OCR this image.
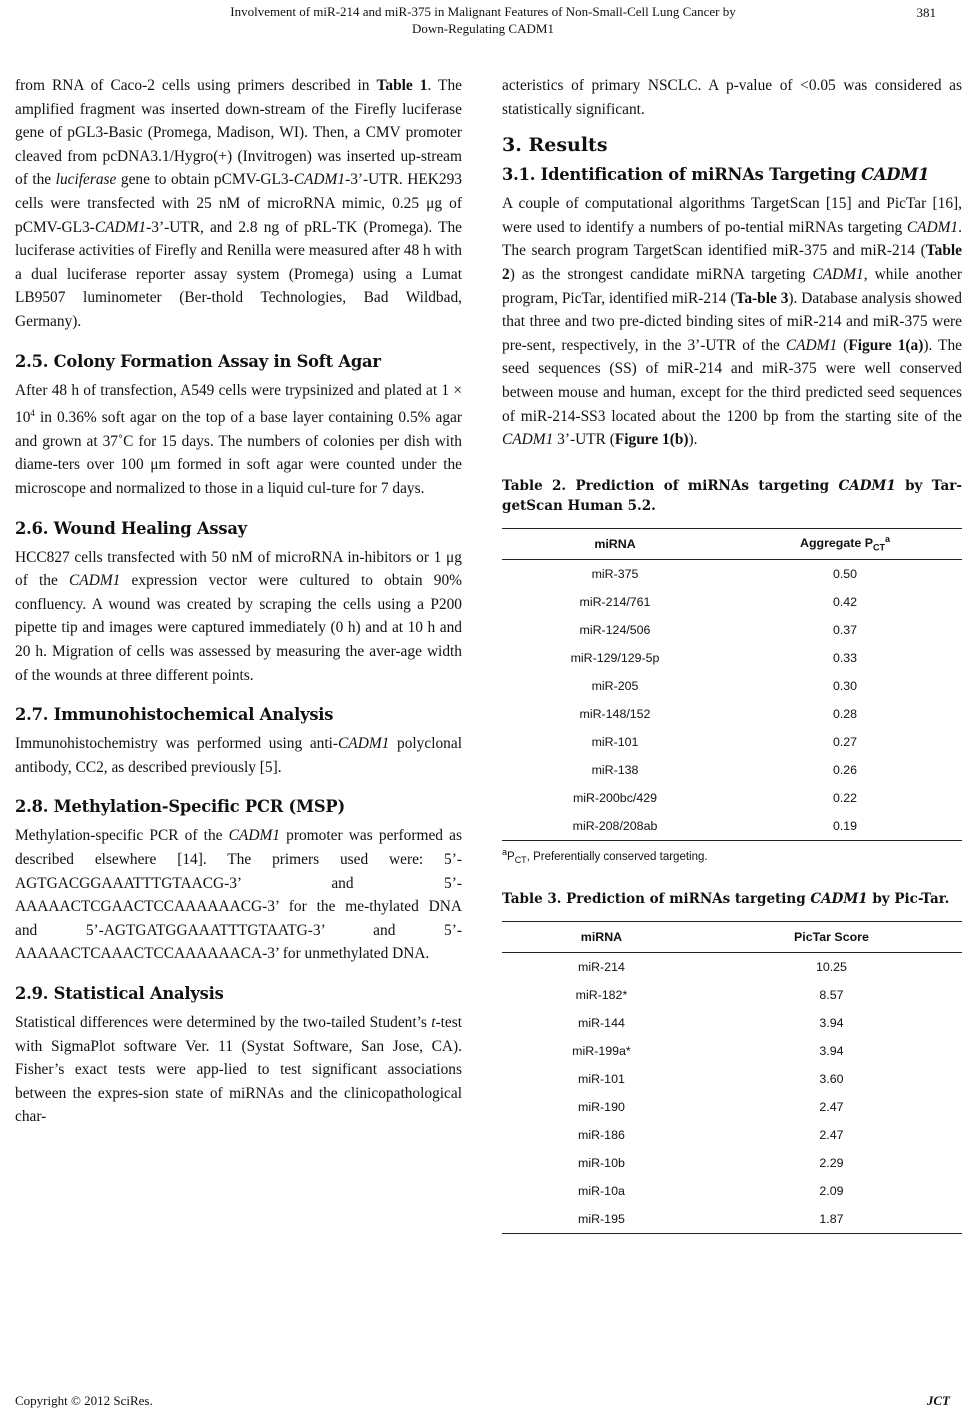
Involvement of miR-214 and miR-375 in Malignant Features of Non-Small-Cell Lung Cancer by
Down-Regulating CADM1
381

from RNA of Caco-2 cells using primers described in Table 1. The amplified fragment was inserted down-stream of the Firefly luciferase gene of pGL3-Basic (Promega, Madison, WI). Then, a CMV promoter cleaved from pcDNA3.1/Hygro(+) (Invitrogen) was inserted up-stream of the luciferase gene to obtain pCMV-GL3-CADM1-3’-UTR. HEK293 cells were transfected with 25 nM of microRNA mimic, 0.25 μg of pCMV-GL3-CADM1-3’-UTR, and 2.8 ng of pRL-TK (Promega). The luciferase activities of Firefly and Renilla were measured after 48 h with a dual luciferase reporter assay system (Promega) using a Lumat LB9507 luminometer (Ber-thold Technologies, Bad Wildbad, Germany).

2.5. Colony Formation Assay in Soft Agar

After 48 h of transfection, A549 cells were trypsinized and plated at $1 \times 10^4$ in 0.36% soft agar on the top of a base layer containing 0.5% agar and grown at 37˚C for 15 days. The numbers of colonies per dish with diame-ters over 100 μm formed in soft agar were counted under the microscope and normalized to those in a liquid cul-ture for 7 days.

2.6. Wound Healing Assay

HCC827 cells transfected with 50 nM of microRNA in-hibitors or 1 μg of the CADM1 expression vector were cultured to obtain 90% confluency. A wound was created by scraping the cells using a P200 pipette tip and images were captured immediately (0 h) and at 10 h and 20 h. Migration of cells was assessed by measuring the aver-age width of the wounds at three different points.

2.7. Immunohistochemical Analysis

Immunohistochemistry was performed using anti-CADM1 polyclonal antibody, CC2, as described previously [5].

2.8. Methylation-Specific PCR (MSP)

Methylation-specific PCR of the CADM1 promoter was performed as described elsewhere [14]. The primers used were: 5’-AGTGACGGAAATTTGTAACG-3’ and 5’-AAAAACTCGAACTCCAAAAAACG-3’ for the me-thylated DNA and 5’-AGTGATGGAAATTTGTAATG-3’ and 5’-AAAAACTCAAACTCCAAAAAACA-3’ for unmethylated DNA.

2.9. Statistical Analysis

Statistical differences were determined by the two-tailed Student’s t-test with SigmaPlot software Ver. 11 (Systat Software, San Jose, CA). Fisher’s exact tests were app-lied to test significant associations between the expres-sion state of miRNAs and the clinicopathological char-

acteristics of primary NSCLC. A p-value of <0.05 was considered as statistically significant.

3. Results
3.1. Identification of miRNAs Targeting CADM1

A couple of computational algorithms TargetScan [15] and PicTar [16], were used to identify a numbers of po-tential miRNAs targeting CADM1. The search program TargetScan identified miR-375 and miR-214 (Table 2) as the strongest candidate miRNA targeting CADM1, while another program, PicTar, identified miR-214 (Ta-ble 3). Database analysis showed that three and two pre-dicted binding sites of miR-214 and miR-375 were pre-sent, respectively, in the 3’-UTR of the CADM1 (Figure 1(a)). The seed sequences (SS) of miR-214 and miR-375 were well conserved between mouse and human, except for the third predicted seed sequences of miR-214-SS3 located about the 1200 bp from the starting site of the CADM1 3’-UTR (Figure 1(b)).

Table 2. Prediction of miRNAs targeting CADM1 by Tar-getScan Human 5.2.
miRNA	Aggregate $P_{CT}^a$
miR-375	0.50
miR-214/761	0.42
miR-124/506	0.37
miR-129/129-5p	0.33
miR-205	0.30
miR-148/152	0.28
miR-101	0.27
miR-138	0.26
miR-200bc/429	0.22
miR-208/208ab	0.19
$^aP_{CT}$, Preferentially conserved targeting.
Table 3. Prediction of miRNAs targeting CADM1 by Pic-Tar.
miRNA	PicTar Score
miR-214	10.25
miR-182*	8.57
miR-144	3.94
miR-199a*	3.94
miR-101	3.60
miR-190	2.47
miR-186	2.47
miR-10b	2.29
miR-10a	2.09
miR-195	1.87
Copyright © 2012 SciRes.	JCT
